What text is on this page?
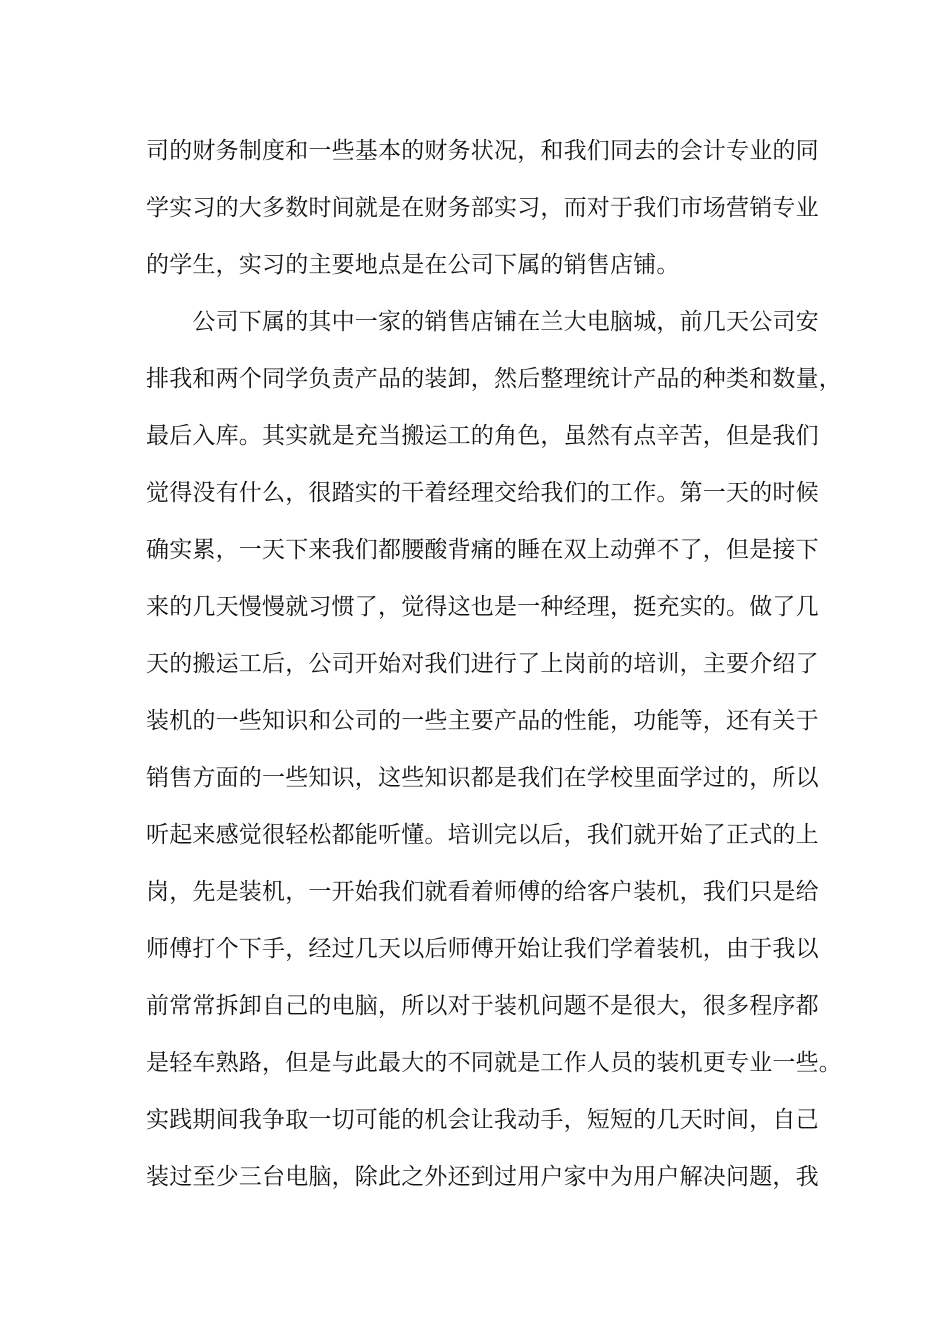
司的财务制度和一些基本的财务状况，和我们同去的会计专业的同
学实习的大多数时间就是在财务部实习，而对于我们市场营销专业
的学生，实习的主要地点是在公司下属的销售店铺。
　　公司下属的其中一家的销售店铺在兰大电脑城，前几天公司安
排我和两个同学负责产品的装卸，然后整理统计产品的种类和数量，
最后入库。其实就是充当搬运工的角色，虽然有点辛苦，但是我们
觉得没有什么，很踏实的干着经理交给我们的工作。第一天的时候
确实累，一天下来我们都腰酸背痛的睡在双上动弹不了，但是接下
来的几天慢慢就习惯了，觉得这也是一种经理，挺充实的。做了几
天的搬运工后，公司开始对我们进行了上岗前的培训，主要介绍了
装机的一些知识和公司的一些主要产品的性能，功能等，还有关于
销售方面的一些知识，这些知识都是我们在学校里面学过的，所以
听起来感觉很轻松都能听懂。培训完以后，我们就开始了正式的上
岗，先是装机，一开始我们就看着师傅的给客户装机，我们只是给
师傅打个下手，经过几天以后师傅开始让我们学着装机，由于我以
前常常拆卸自己的电脑，所以对于装机问题不是很大，很多程序都
是轻车熟路，但是与此最大的不同就是工作人员的装机更专业一些。
实践期间我争取一切可能的机会让我动手，短短的几天时间，自己
装过至少三台电脑，除此之外还到过用户家中为用户解决问题，我
